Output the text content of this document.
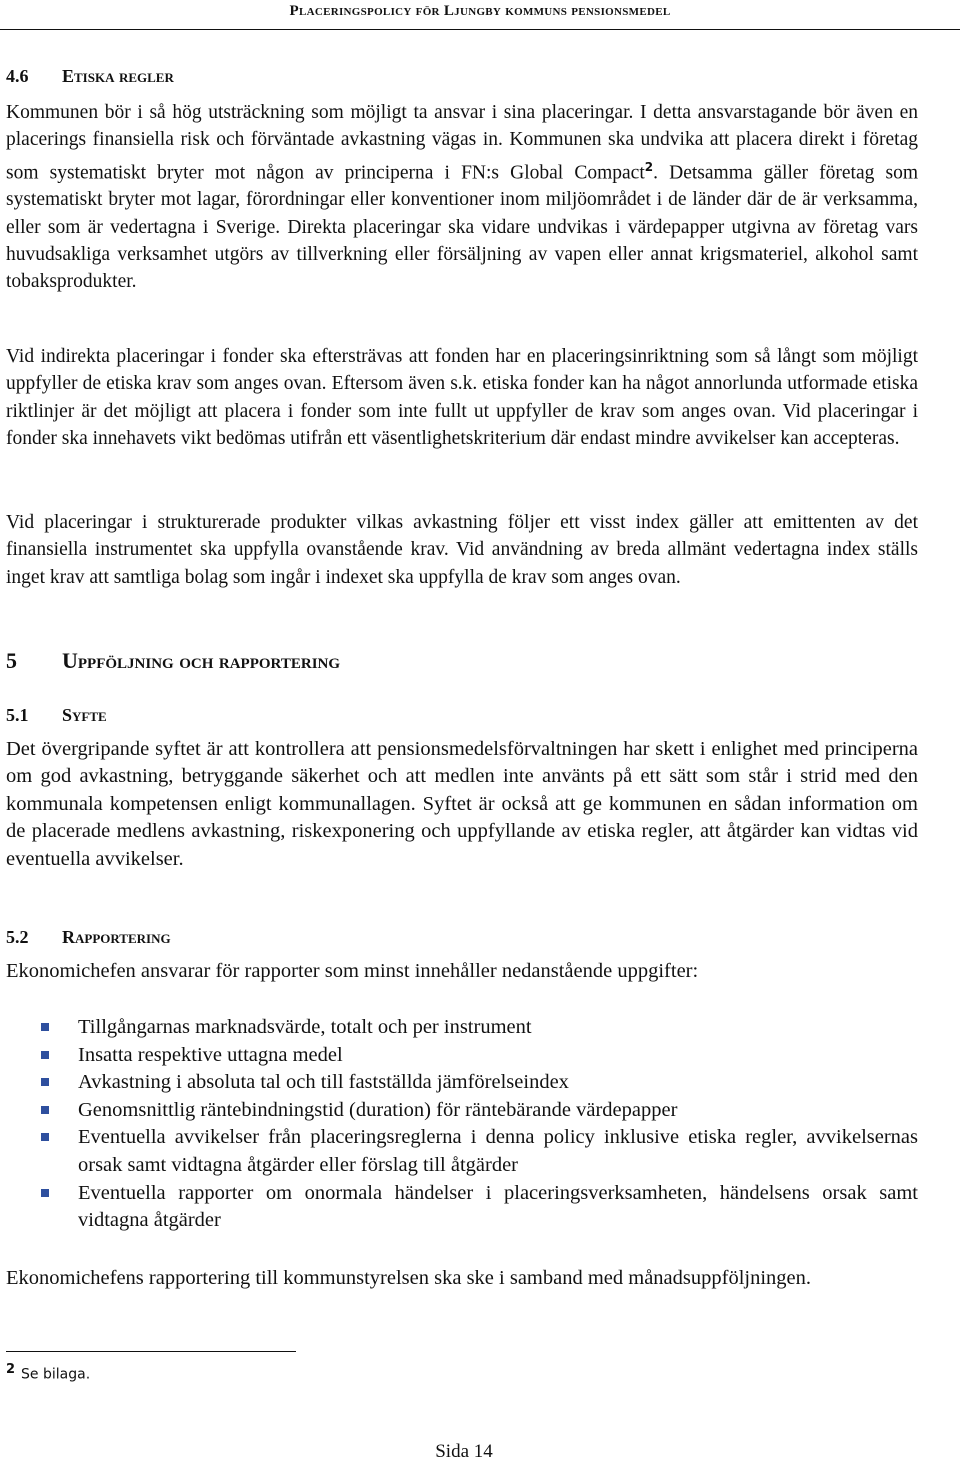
Placeringspolicy för Ljungby kommuns pensionsmedel
4.6 Etiska regler

Kommunen bör i så hög utsträckning som möjligt ta ansvar i sina placeringar. I detta ansvarstagande bör även en placerings finansiella risk och förväntade avkastning vägas in. Kommunen ska undvika att placera direkt i företag som systematiskt bryter mot någon av principerna i FN:s Global Compact$^2$. Detsamma gäller företag som systematiskt bryter mot lagar, förordningar eller konventioner inom miljöområdet i de länder där de är verksamma, eller som är vedertagna i Sverige. Direkta placeringar ska vidare undvikas i värdepapper utgivna av företag vars huvudsakliga verksamhet utgörs av tillverkning eller försäljning av vapen eller annat krigsmateriel, alkohol samt tobaksprodukter.

Vid indirekta placeringar i fonder ska eftersträvas att fonden har en placeringsinriktning som så långt som möjligt uppfyller de etiska krav som anges ovan. Eftersom även s.k. etiska fonder kan ha något annorlunda utformade etiska riktlinjer är det möjligt att placera i fonder som inte fullt ut uppfyller de krav som anges ovan. Vid placeringar i fonder ska innehavets vikt bedömas utifrån ett väsentlighetskriterium där endast mindre avvikelser kan accepteras.

Vid placeringar i strukturerade produkter vilkas avkastning följer ett visst index gäller att emittenten av det finansiella instrumentet ska uppfylla ovanstående krav. Vid användning av breda allmänt vedertagna index ställs inget krav att samtliga bolag som ingår i indexet ska uppfylla de krav som anges ovan.

5 Uppföljning och rapportering
5.1 Syfte

Det övergripande syftet är att kontrollera att pensionsmedelsförvaltningen har skett i enlighet med principerna om god avkastning, betryggande säkerhet och att medlen inte använts på ett sätt som står i strid med den kommunala kompetensen enligt kommunallagen. Syftet är också att ge kommunen en sådan information om de placerade medlens avkastning, riskexponering och uppfyllande av etiska regler, att åtgärder kan vidtas vid eventuella avvikelser.

5.2 Rapportering

Ekonomichefen ansvarar för rapporter som minst innehåller nedanstående uppgifter:

Tillgångarnas marknadsvärde, totalt och per instrument
Insatta respektive uttagna medel
Avkastning i absoluta tal och till fastställda jämförelseindex
Genomsnittlig räntebindningstid (duration) för räntebärande värdepapper
Eventuella avvikelser från placeringsreglerna i denna policy inklusive etiska regler, avvikelsernas orsak samt vidtagna åtgärder eller förslag till åtgärder
Eventuella rapporter om onormala händelser i placeringsverksamheten, händelsens orsak samt vidtagna åtgärder

Ekonomichefens rapportering till kommunstyrelsen ska ske i samband med månadsuppföljningen.

$^2$ Se bilaga.

Sida 14
